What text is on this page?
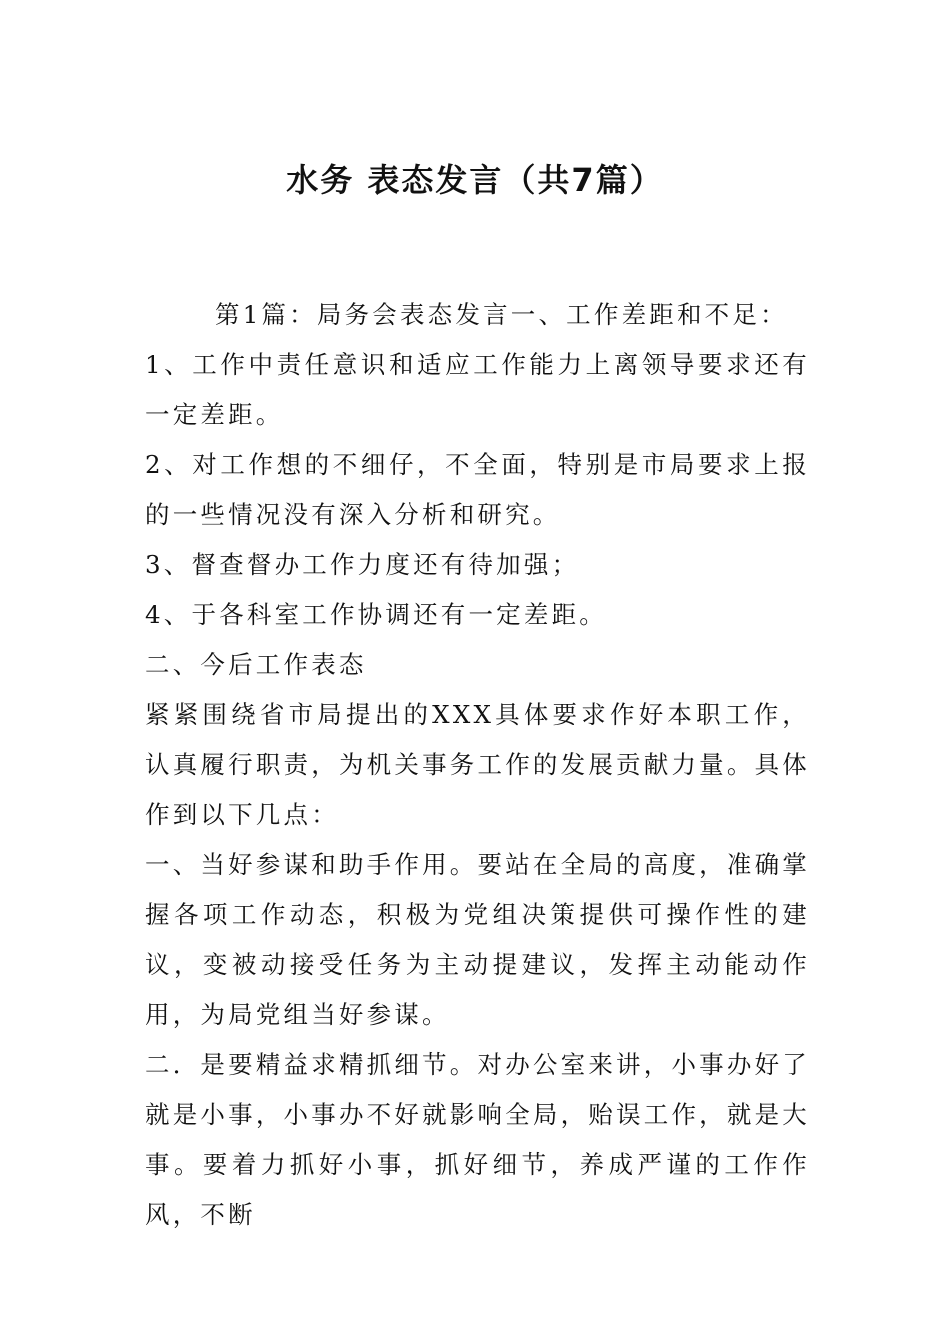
水务 表态发言（共7篇）

第1篇：局务会表态发言一、工作差距和不足：

1、工作中责任意识和适应工作能力上离领导要求还有一定差距。

2、对工作想的不细仔，不全面，特别是市局要求上报的一些情况没有深入分析和研究。

3、督查督办工作力度还有待加强；

4、于各科室工作协调还有一定差距。

二、今后工作表态

紧紧围绕省市局提出的XXX具体要求作好本职工作，认真履行职责，为机关事务工作的发展贡献力量。具体作到以下几点：

一、当好参谋和助手作用。要站在全局的高度，准确掌握各项工作动态，积极为党组决策提供可操作性的建议，变被动接受任务为主动提建议，发挥主动能动作用，为局党组当好参谋。

二．是要精益求精抓细节。对办公室来讲，小事办好了就是小事，小事办不好就影响全局，贻误工作，就是大事。要着力抓好小事，抓好细节，养成严谨的工作作风，不断
